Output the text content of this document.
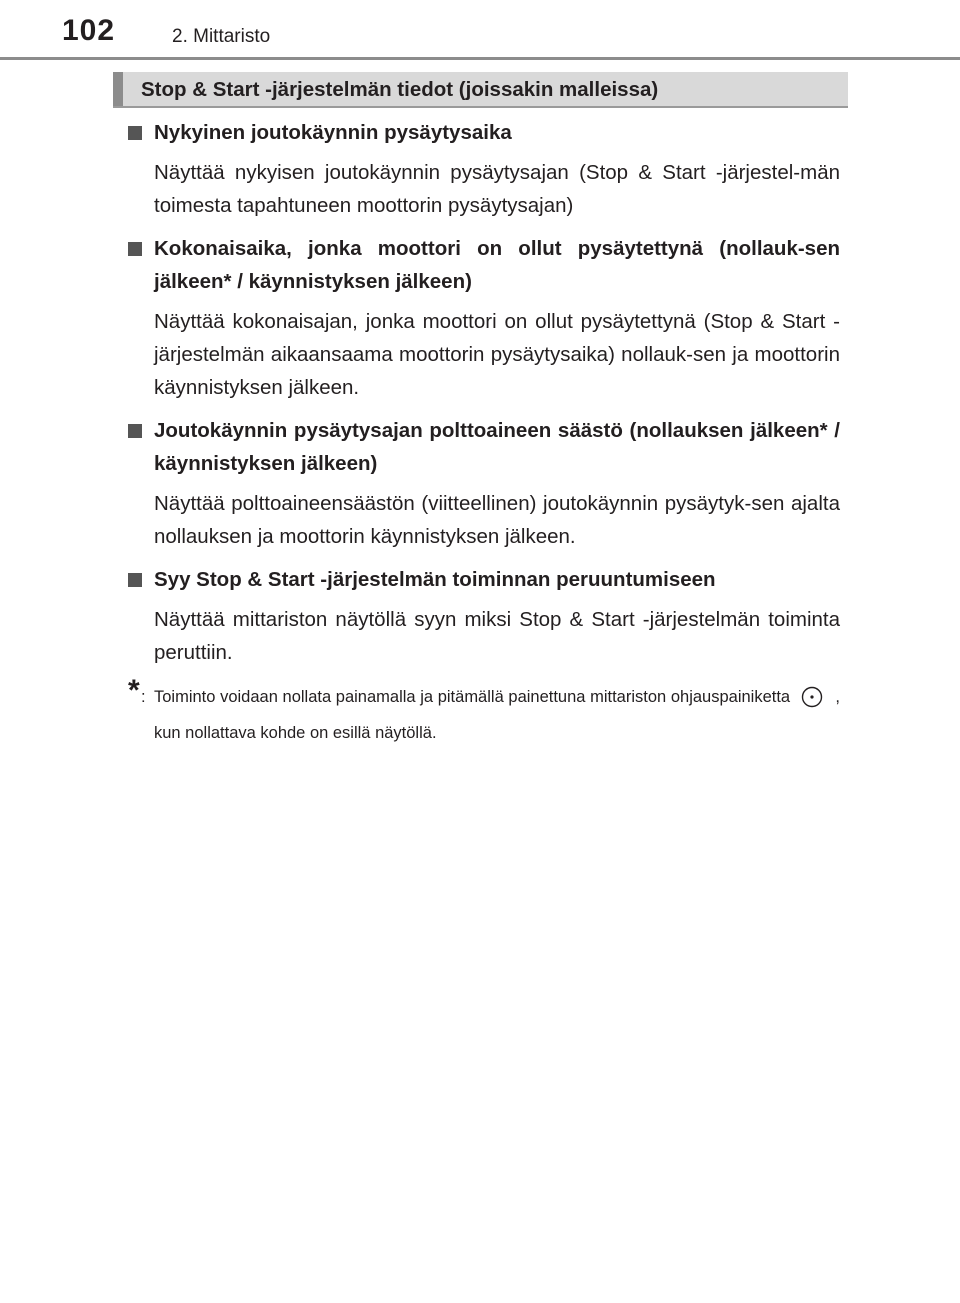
102	2. Mittaristo
Stop & Start -järjestelmän tiedot (joissakin malleissa)
Nykyinen joutokäynnin pysäytysaika
Näyttää nykyisen joutokäynnin pysäytysajan (Stop & Start -järjestel-män toimesta tapahtuneen moottorin pysäytysajan)
Kokonaisaika, jonka moottori on ollut pysäytettynä (nollauk-sen jälkeen* / käynnistyksen jälkeen)
Näyttää kokonaisajan, jonka moottori on ollut pysäytettynä (Stop & Start -järjestelmän aikaansaama moottorin pysäytysaika) nollauk-sen ja moottorin käynnistyksen jälkeen.
Joutokäynnin pysäytysajan polttoaineen säästö (nollauksen jälkeen* / käynnistyksen jälkeen)
Näyttää polttoaineensäästön (viitteellinen) joutokäynnin pysäytyk-sen ajalta nollauksen ja moottorin käynnistyksen jälkeen.
Syy Stop & Start -järjestelmän toiminnan peruuntumiseen
Näyttää mittariston näytöllä syyn miksi Stop & Start -järjestelmän toiminta peruttiin.
* : Toiminto voidaan nollata painamalla ja pitämällä painettuna mittariston ohjauspainiketta	, kun nollattava kohde on esillä näytöllä.
